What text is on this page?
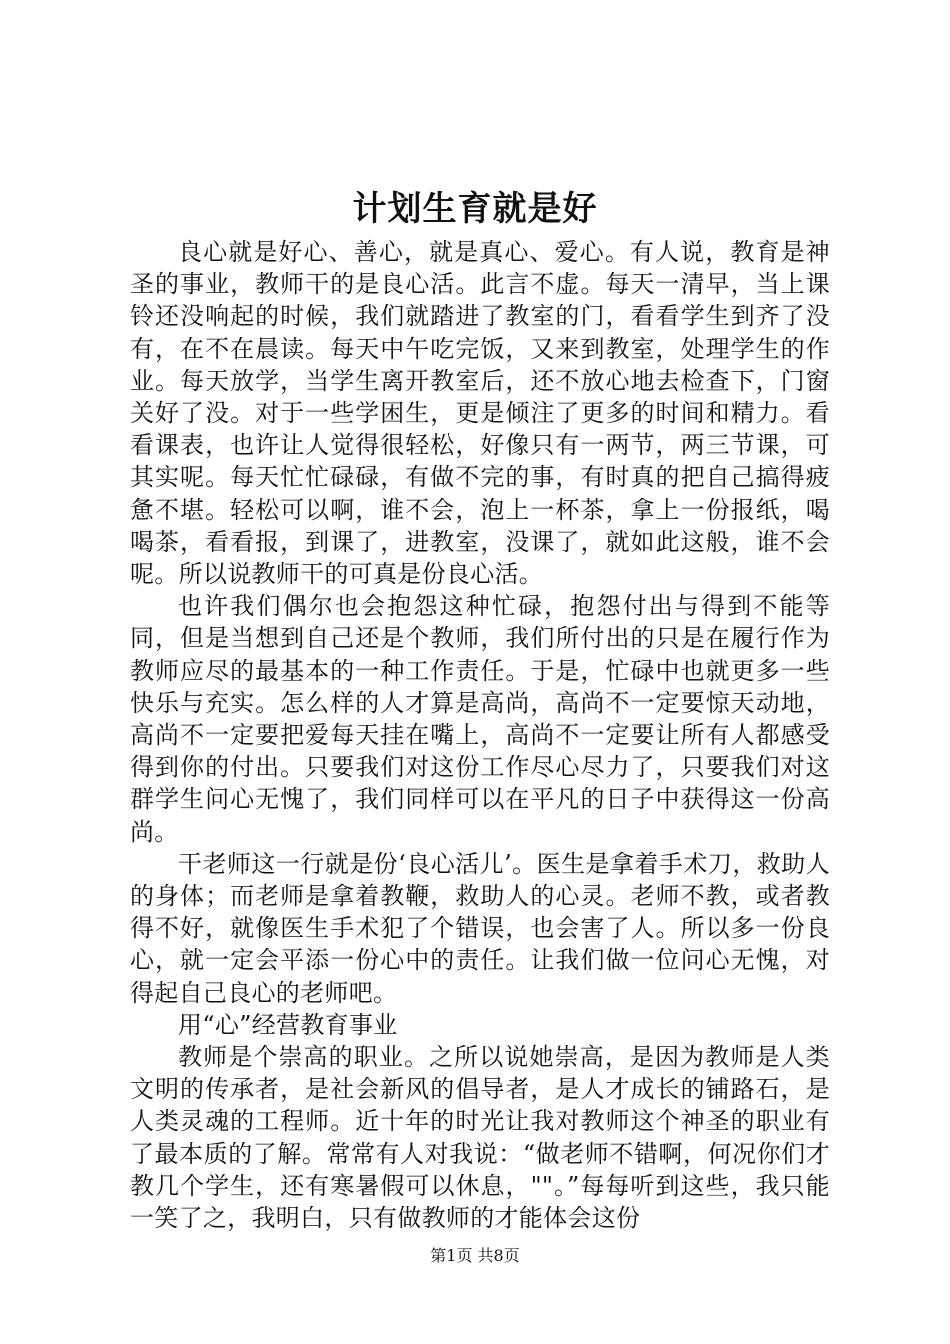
计划生育就是好

良心就是好心、善心，就是真心、爱心。有人说，教育是神圣的事业，教师干的是良心活。此言不虚。每天一清早，当上课铃还没响起的时候，我们就踏进了教室的门，看看学生到齐了没有，在不在晨读。每天中午吃完饭，又来到教室，处理学生的作业。每天放学，当学生离开教室后，还不放心地去检查下，门窗关好了没。对于一些学困生，更是倾注了更多的时间和精力。看看课表，也许让人觉得很轻松，好像只有一两节，两三节课，可其实呢。每天忙忙碌碌，有做不完的事，有时真的把自己搞得疲惫不堪。轻松可以啊，谁不会，泡上一杯茶，拿上一份报纸，喝喝茶，看看报，到课了，进教室，没课了，就如此这般，谁不会呢。所以说教师干的可真是份良心活。

也许我们偶尔也会抱怨这种忙碌，抱怨付出与得到不能等同，但是当想到自己还是个教师，我们所付出的只是在履行作为教师应尽的最基本的一种工作责任。于是，忙碌中也就更多一些快乐与充实。怎么样的人才算是高尚，高尚不一定要惊天动地，高尚不一定要把爱每天挂在嘴上，高尚不一定要让所有人都感受得到你的付出。只要我们对这份工作尽心尽力了，只要我们对这群学生问心无愧了，我们同样可以在平凡的日子中获得这一份高尚。

干老师这一行就是份‘良心活儿’。医生是拿着手术刀，救助人的身体；而老师是拿着教鞭，救助人的心灵。老师不教，或者教得不好，就像医生手术犯了个错误，也会害了人。所以多一份良心，就一定会平添一份心中的责任。让我们做一位问心无愧，对得起自己良心的老师吧。

用“心”经营教育事业

教师是个崇高的职业。之所以说她崇高，是因为教师是人类文明的传承者，是社会新风的倡导者，是人才成长的铺路石，是人类灵魂的工程师。近十年的时光让我对教师这个神圣的职业有了最本质的了解。常常有人对我说：“做老师不错啊，何况你们才教几个学生，还有寒暑假可以休息，""。”每每听到这些，我只能一笑了之，我明白，只有做教师的才能体会这份

第1页 共8页
